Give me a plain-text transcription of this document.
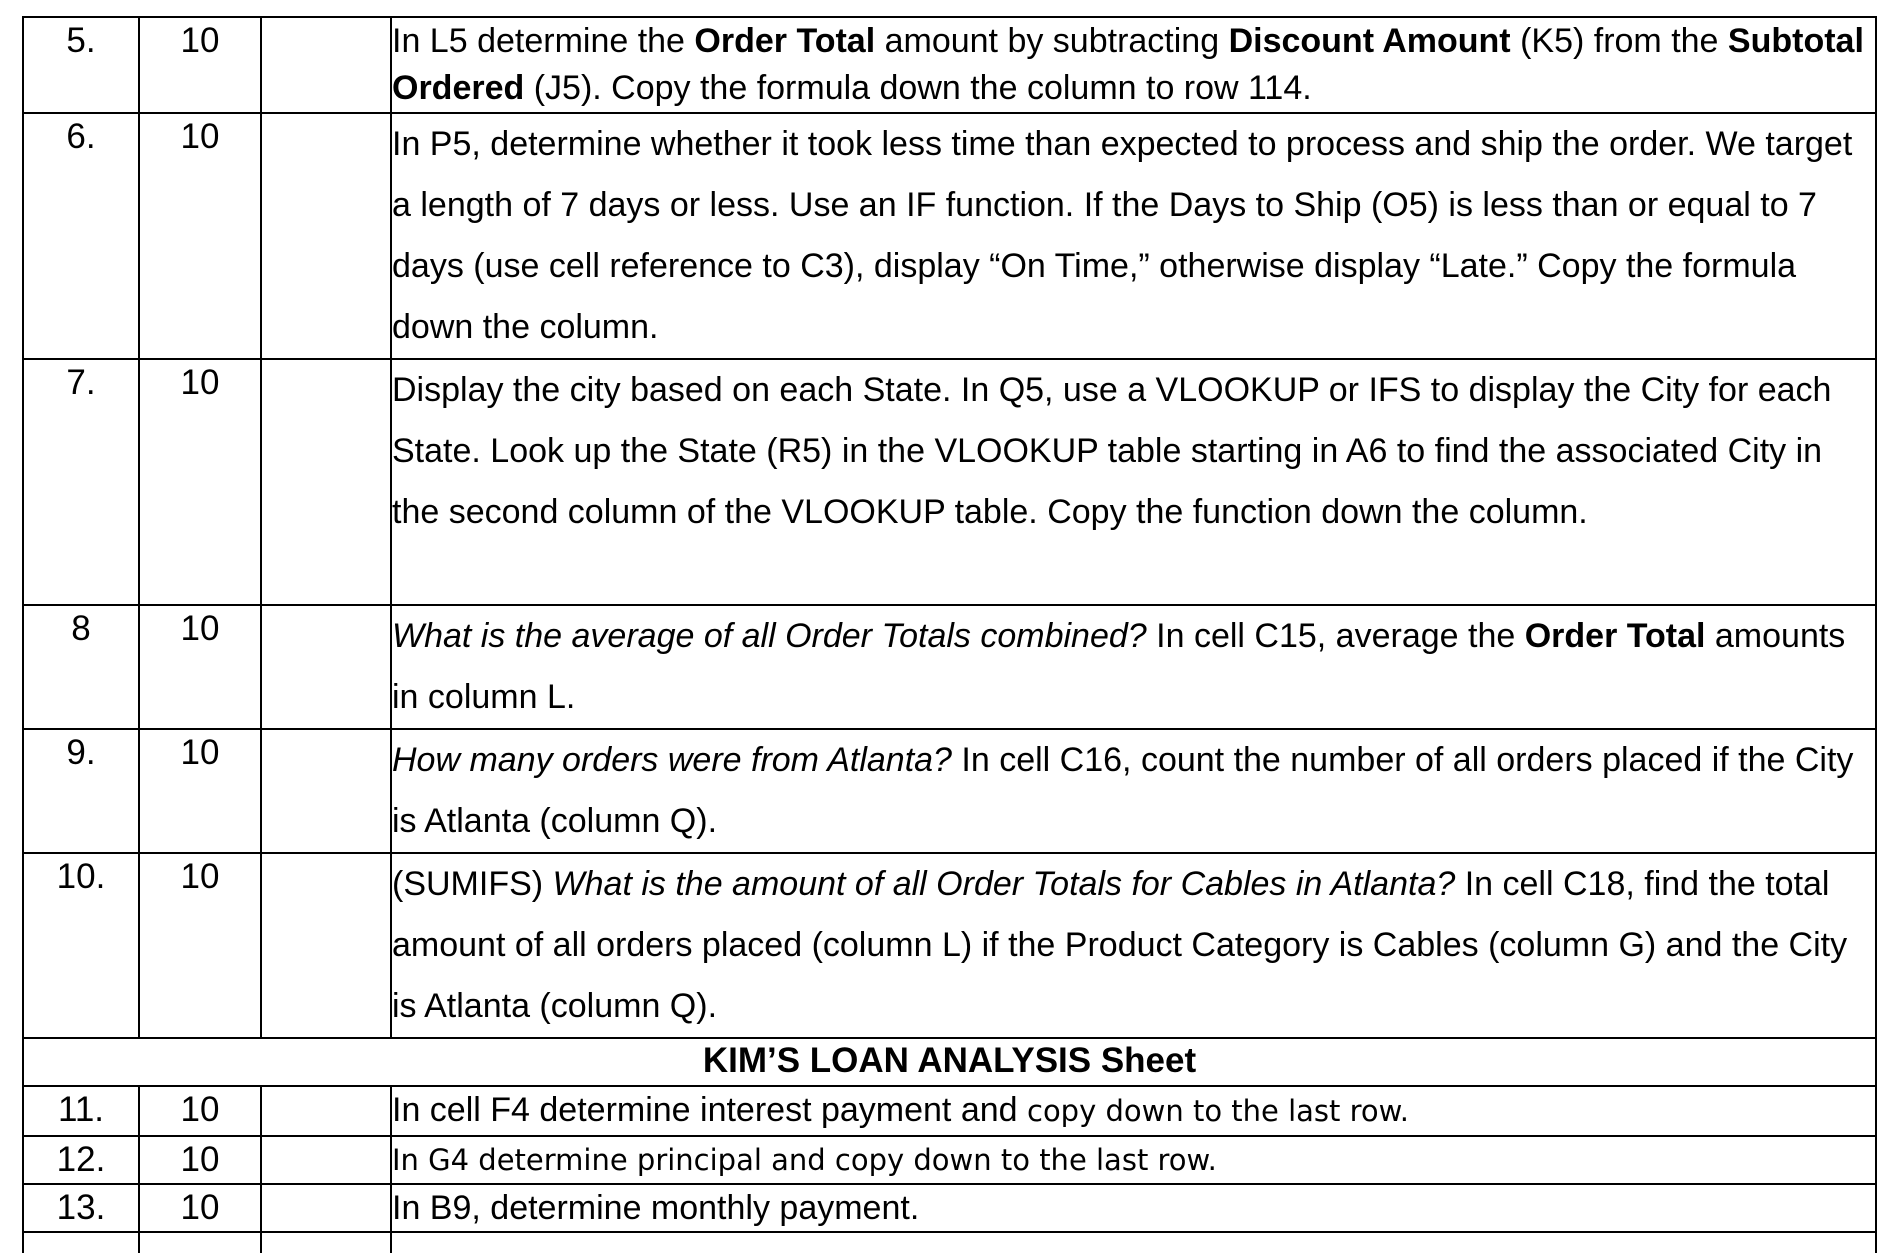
5.	10		In L5 determine the Order Total amount by subtracting Discount Amount (K5) from the Subtotal Ordered (J5). Copy the formula down the column to row 114.
6.	10		In P5, determine whether it took less time than expected to process and ship the order. We target a length of 7 days or less. Use an IF function. If the Days to Ship (O5) is less than or equal to 7 days (use cell reference to C3), display “On Time,” otherwise display “Late.” Copy the formula down the column.
7.	10		Display the city based on each State. In Q5, use a VLOOKUP or IFS to display the City for each State. Look up the State (R5) in the VLOOKUP table starting in A6 to find the associated City in the second column of the VLOOKUP table. Copy the function down the column.
8	10		What is the average of all Order Totals combined? In cell C15, average the Order Total amounts in column L.
9.	10		How many orders were from Atlanta? In cell C16, count the number of all orders placed if the City is Atlanta (column Q).
10.	10		(SUMIFS) What is the amount of all Order Totals for Cables in Atlanta? In cell C18, find the total amount of all orders placed (column L) if the Product Category is Cables (column G) and the City is Atlanta (column Q).
KIM’S LOAN ANALYSIS Sheet			
11.	10		In cell F4 determine interest payment and copy down to the last row.
12.	10		In G4 determine principal and copy down to the last row.
13.	10		In B9, determine monthly payment.
